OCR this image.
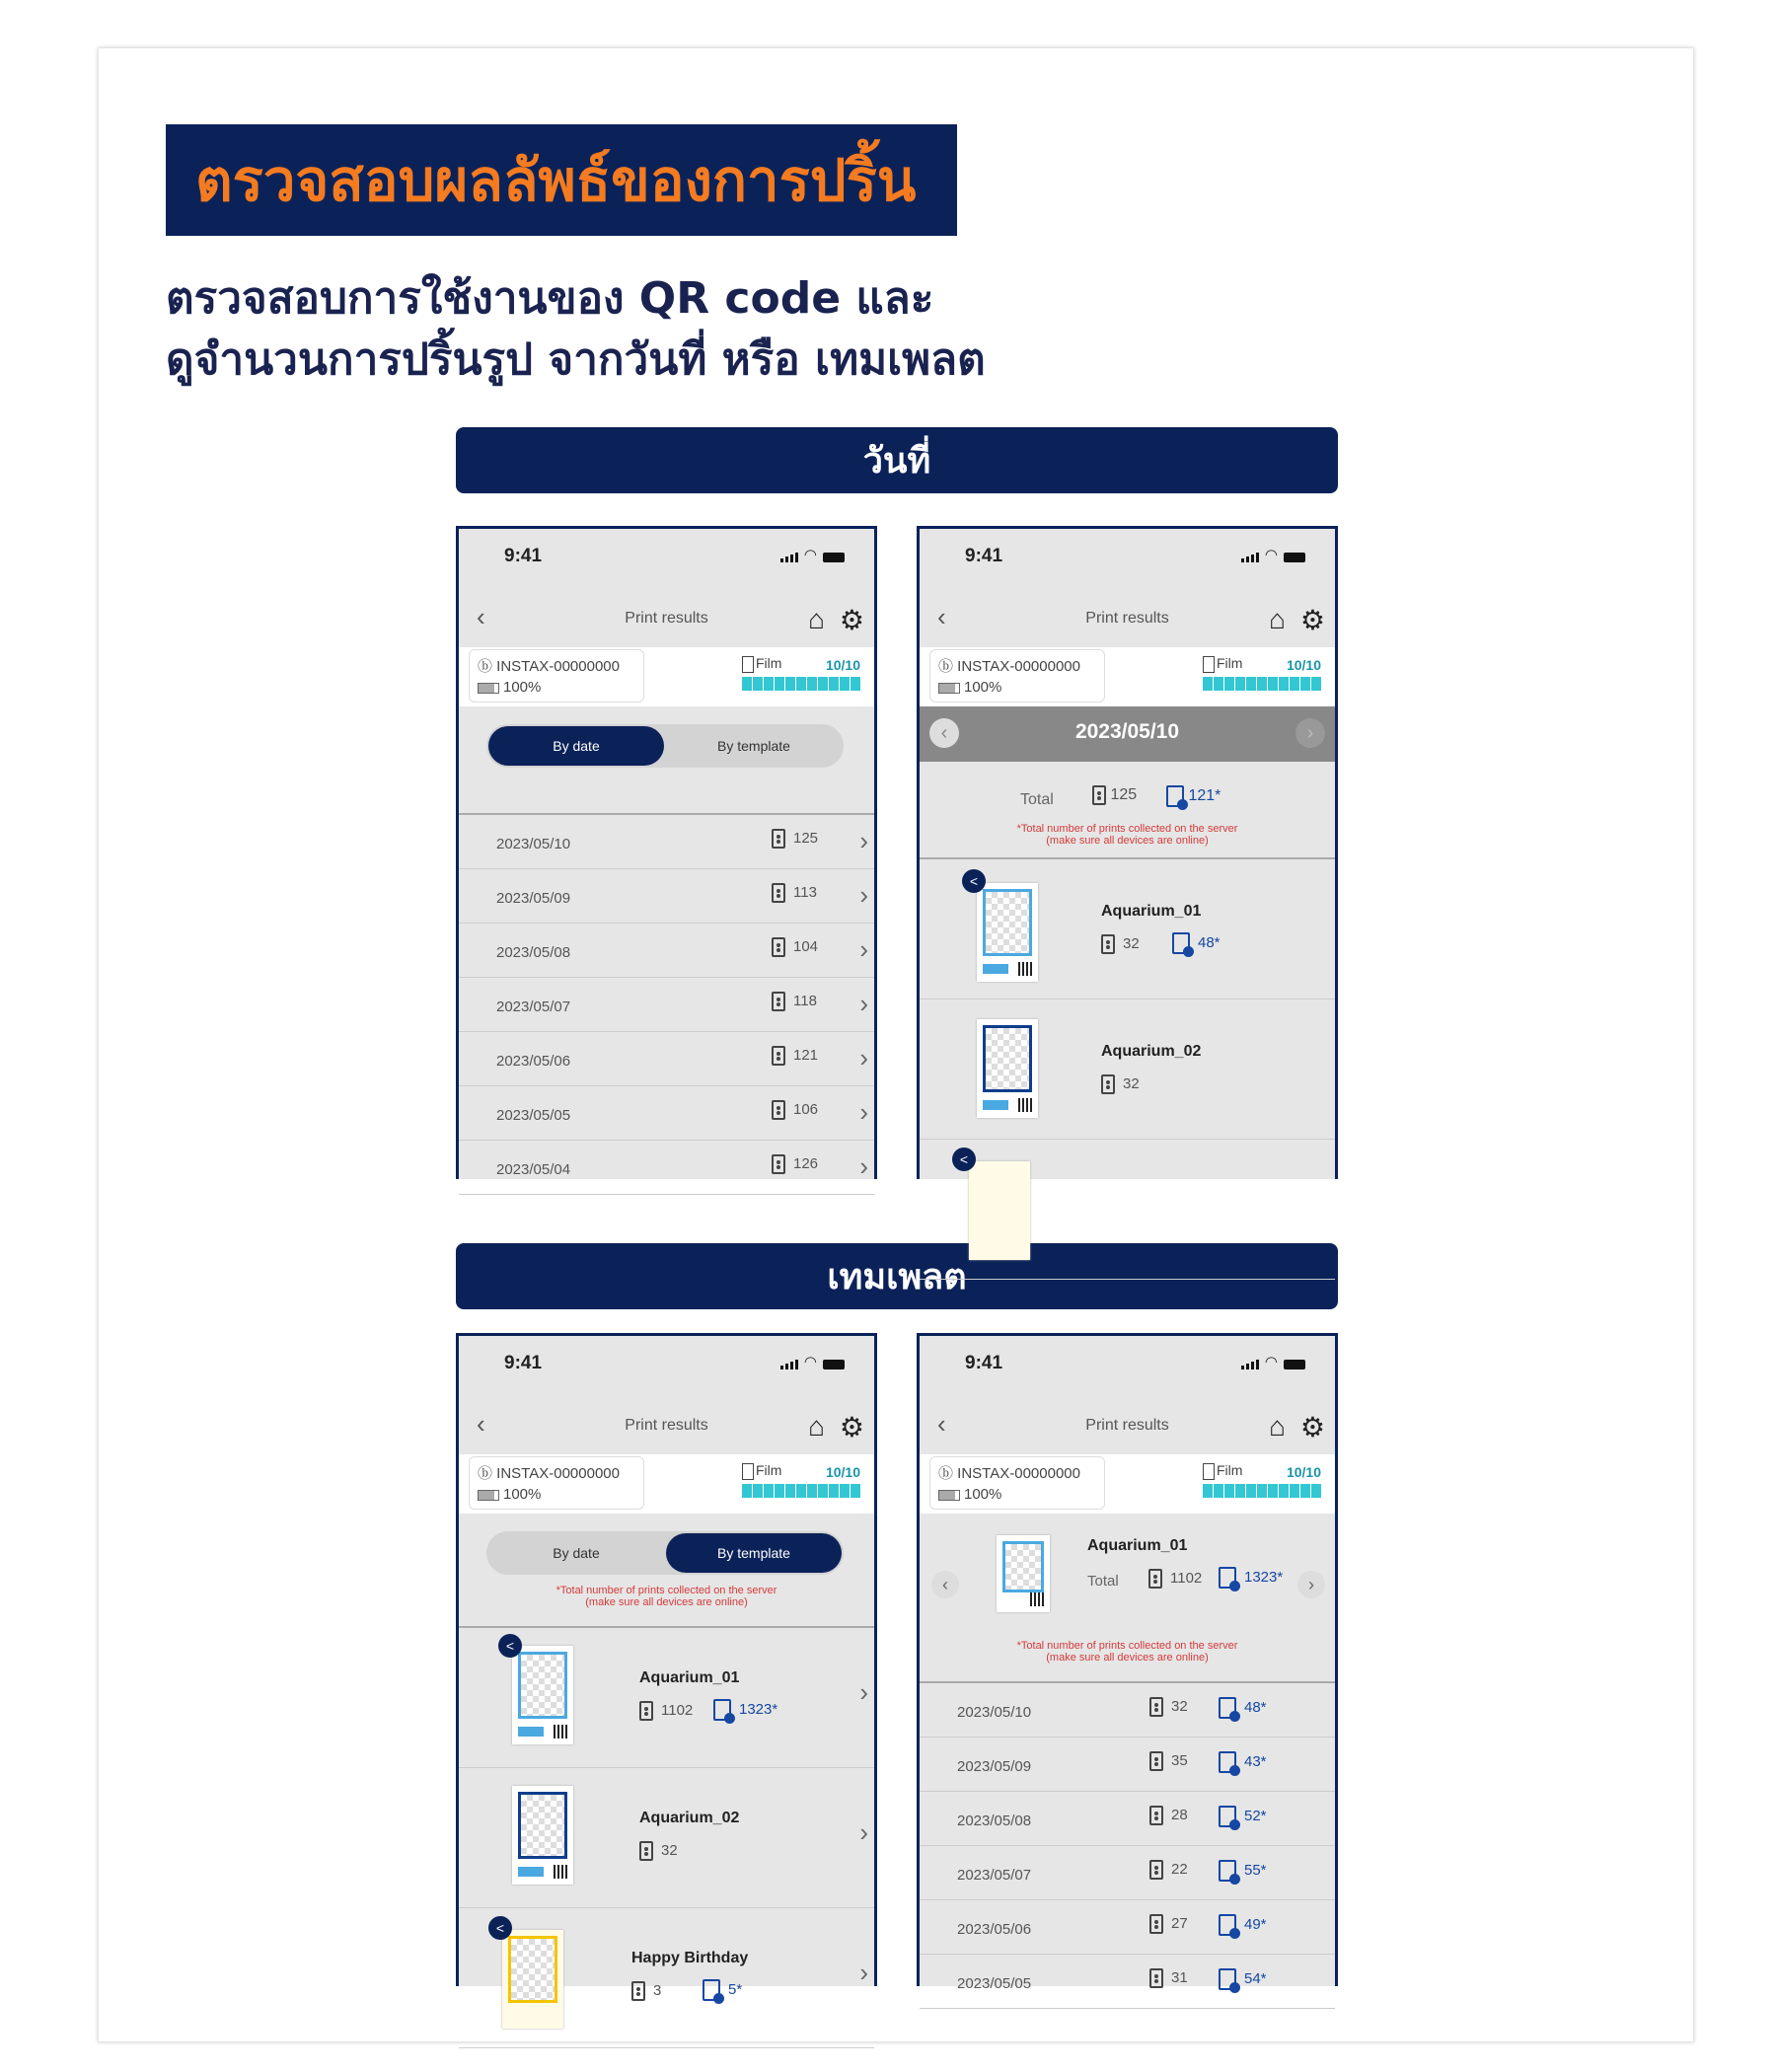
ตรวจสอบผลลัพธ์ของการปริ้น
ตรวจสอบการใช้งานของ QR code และ
ดูจำนวนการปริ้นรูป จากวันที่ หรือ เทมเพลต
วันที่
เทมเพลต
9:41	◠
‹	Print results	⌂ ⚙
ⓑ INSTAX-00000000
100%
Film	10/10
By date	By template
2023/05/10	125 ›
2023/05/09	113 ›
2023/05/08	104 ›
2023/05/07	118 ›
2023/05/06	121 ›
2023/05/05	106 ›
2023/05/04	126 ›
9:41	◠
‹	Print results	⌂ ⚙
ⓑ INSTAX-00000000
100%
Film	10/10
‹	2023/05/10	›
Total	125	121*
*Total number of prints collected on the server
(make sure all devices are online)
<
Aquarium_01
32	48*
Aquarium_02
32
<
9:41	◠
‹	Print results	⌂ ⚙
ⓑ INSTAX-00000000
100%
Film	10/10
By date	By template
*Total number of prints collected on the server
(make sure all devices are online)
<
Aquarium_01
1102	1323*
›
Aquarium_02
32
›
<
Happy Birthday
3	5*
›
9:41	◠
‹	Print results	⌂ ⚙
ⓑ INSTAX-00000000
100%
Film	10/10
‹
Aquarium_01
Total	1102	1323*	›
*Total number of prints collected on the server
(make sure all devices are online)
2023/05/10	32	48*
2023/05/09	35	43*
2023/05/08	28	52*
2023/05/07	22	55*
2023/05/06	27	49*
2023/05/05	31	54*
